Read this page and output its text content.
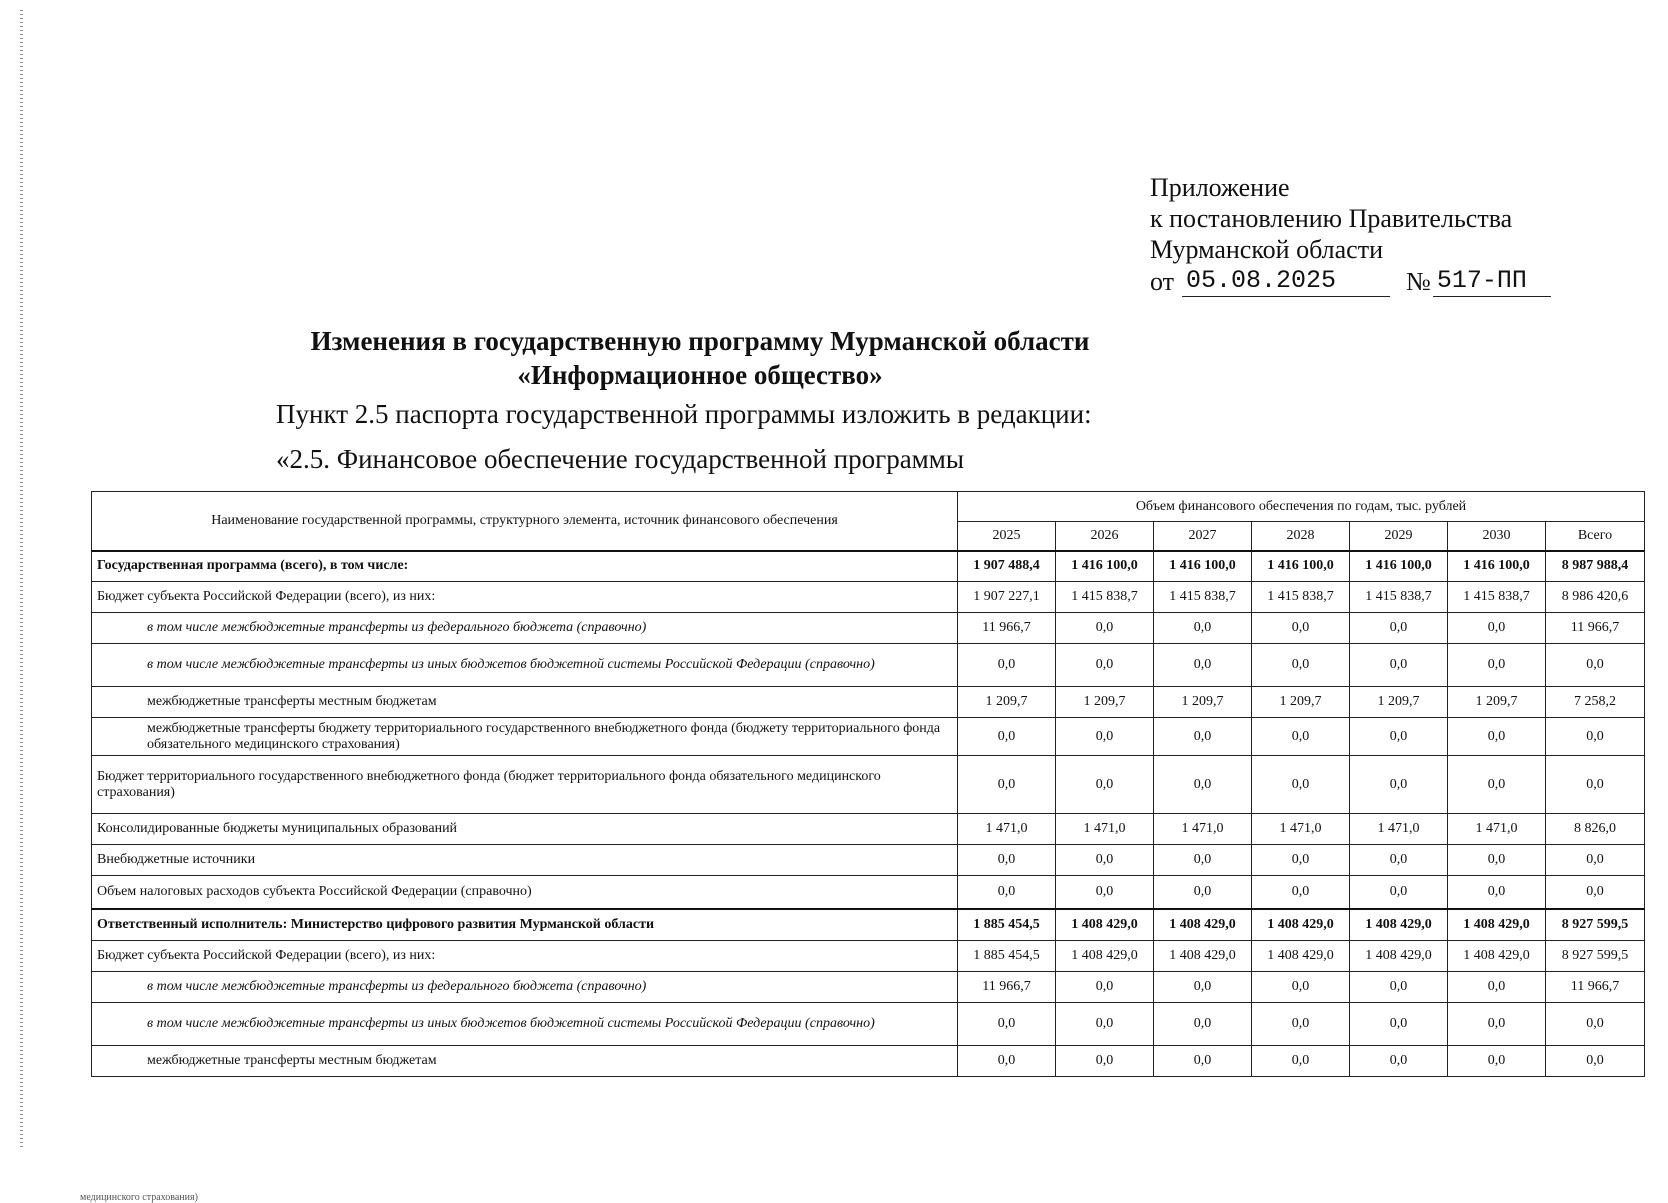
Приложение
к постановлению Правительства
Мурманской области
от 05.08.2025	№ 517-ПП
Изменения в государственную программу Мурманской области
«Информационное общество»
Пункт 2.5 паспорта государственной программы изложить в редакции:
«2.5. Финансовое обеспечение государственной программы
Наименование государственной программы, структурного элемента, источник финансового обеспечения	Объем финансового обеспечения по годам, тыс. рублей						
	2025	2026	2027	2028	2029	2030	Всего
Государственная программа (всего), в том числе:	1 907 488,4	1 416 100,0	1 416 100,0	1 416 100,0	1 416 100,0	1 416 100,0	8 987 988,4
Бюджет субъекта Российской Федерации (всего), из них:	1 907 227,1	1 415 838,7	1 415 838,7	1 415 838,7	1 415 838,7	1 415 838,7	8 986 420,6
в том числе межбюджетные трансферты из федерального бюджета (справочно)	11 966,7	0,0	0,0	0,0	0,0	0,0	11 966,7
в том числе межбюджетные трансферты из иных бюджетов бюджетной системы Российской Федерации (справочно)	0,0	0,0	0,0	0,0	0,0	0,0	0,0
межбюджетные трансферты местным бюджетам	1 209,7	1 209,7	1 209,7	1 209,7	1 209,7	1 209,7	7 258,2
межбюджетные трансферты бюджету территориального государственного внебюджетного фонда (бюджету территориального фонда обязательного медицинского страхования)	0,0	0,0	0,0	0,0	0,0	0,0	0,0
Бюджет территориального государственного внебюджетного фонда (бюджет территориального фонда обязательного медицинского страхования)	0,0	0,0	0,0	0,0	0,0	0,0	0,0
Консолидированные бюджеты муниципальных образований	1 471,0	1 471,0	1 471,0	1 471,0	1 471,0	1 471,0	8 826,0
Внебюджетные источники	0,0	0,0	0,0	0,0	0,0	0,0	0,0
Объем налоговых расходов субъекта Российской Федерации (справочно)	0,0	0,0	0,0	0,0	0,0	0,0	0,0
Ответственный исполнитель: Министерство цифрового развития Мурманской области	1 885 454,5	1 408 429,0	1 408 429,0	1 408 429,0	1 408 429,0	1 408 429,0	8 927 599,5
Бюджет субъекта Российской Федерации (всего), из них:	1 885 454,5	1 408 429,0	1 408 429,0	1 408 429,0	1 408 429,0	1 408 429,0	8 927 599,5
в том числе межбюджетные трансферты из федерального бюджета (справочно)	11 966,7	0,0	0,0	0,0	0,0	0,0	11 966,7
в том числе межбюджетные трансферты из иных бюджетов бюджетной системы Российской Федерации (справочно)	0,0	0,0	0,0	0,0	0,0	0,0	0,0
межбюджетные трансферты местным бюджетам	0,0	0,0	0,0	0,0	0,0	0,0	0,0
медицинского страхования)
